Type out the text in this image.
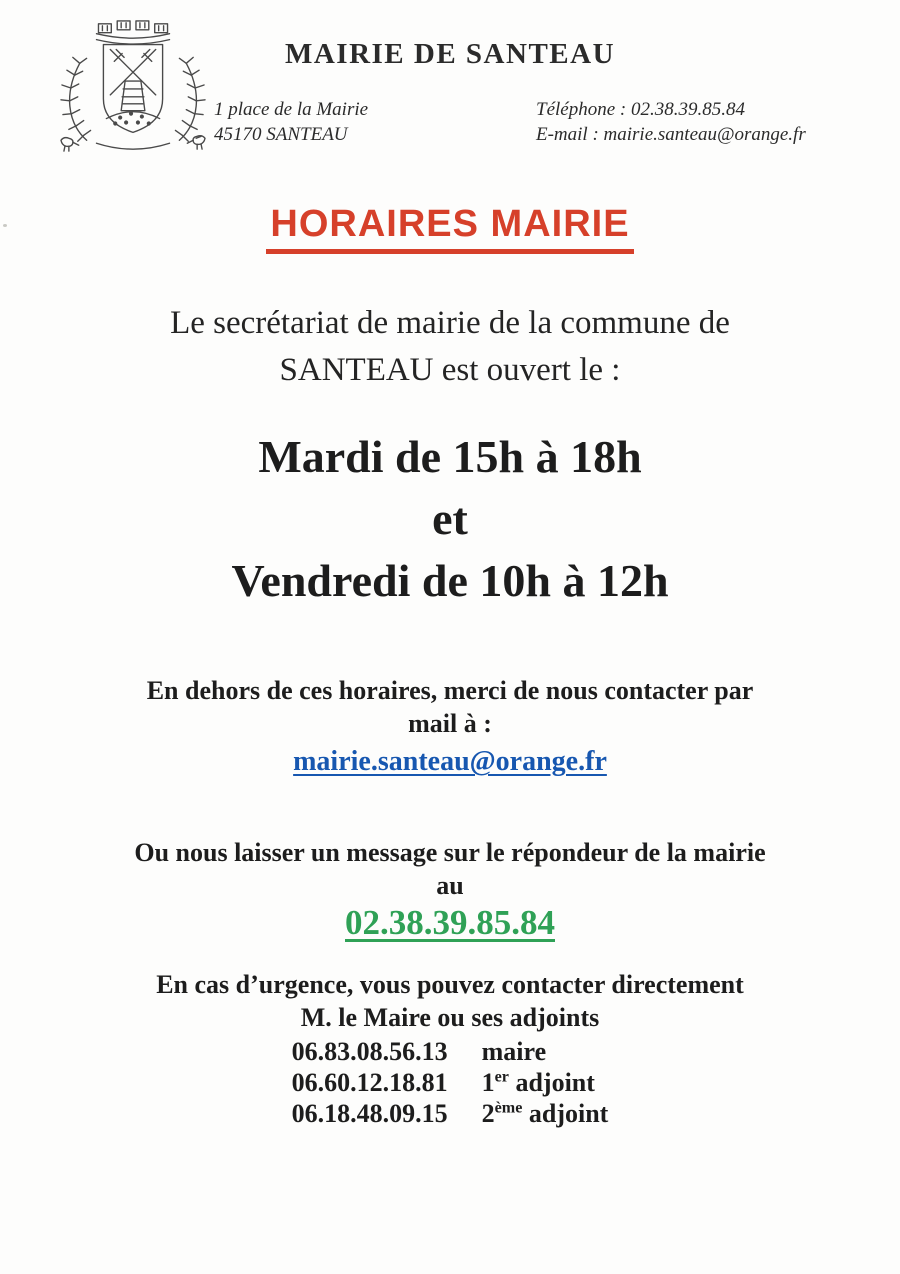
MAIRIE DE SANTEAU
1 place de la Mairie
45170 SANTEAU
Téléphone : 02.38.39.85.84
E-mail : mairie.santeau@orange.fr
HORAIRES MAIRIE
Le secrétariat de mairie de la commune de
SANTEAU est ouvert le :
Mardi de 15h à 18h
et
Vendredi de 10h à 12h
En dehors de ces horaires, merci de nous contacter par
mail à :
mairie.santeau@orange.fr
Ou nous laisser un message sur le répondeur de la mairie
au
02.38.39.85.84
En cas d’urgence, vous pouvez contacter directement
M. le Maire ou ses adjoints
06.83.08.56.13 maire
06.60.12.18.81 1er adjoint
06.18.48.09.15 2ème adjoint
